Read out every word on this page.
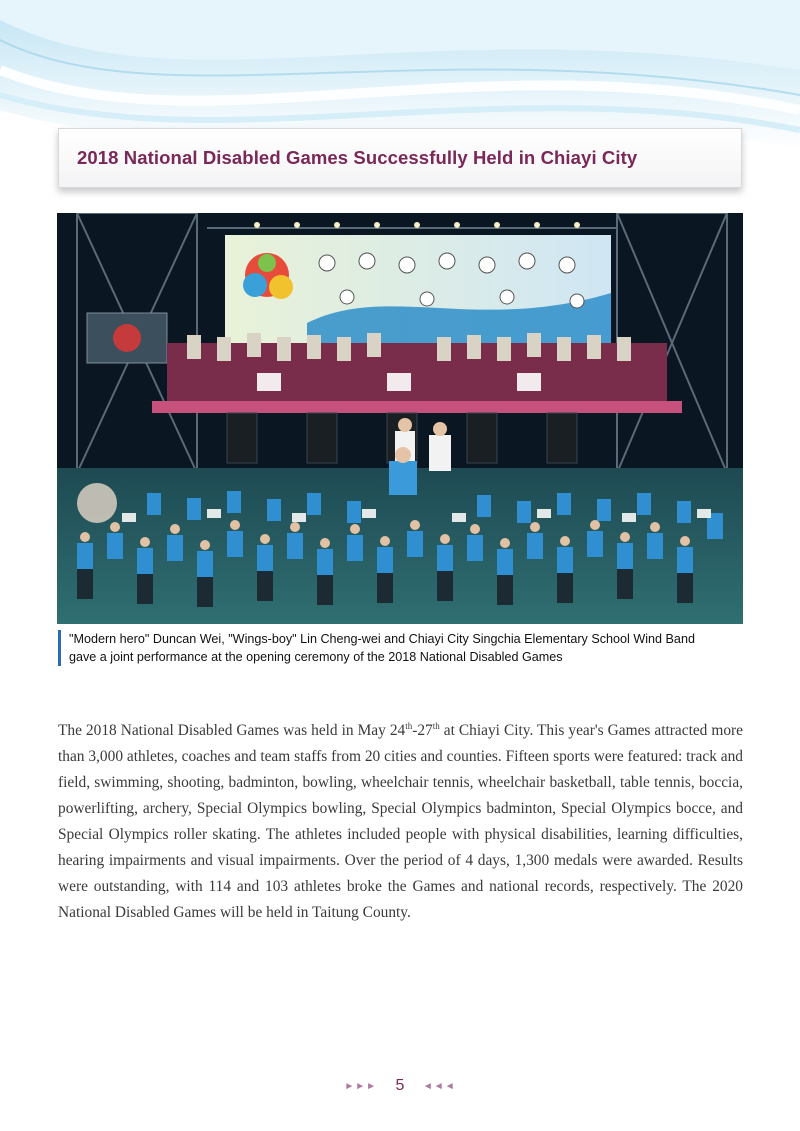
2018 National Disabled Games Successfully Held in Chiayi City
"Modern hero" Duncan Wei, "Wings-boy" Lin Cheng-wei and Chiayi City Singchia Elementary School Wind Band
gave a joint performance at the opening ceremony of the 2018 National Disabled Games
The 2018 National Disabled Games was held in May 24th-27th at Chiayi City. This year's Games attracted more than 3,000 athletes, coaches and team staffs from 20 cities and counties. Fifteen sports were featured: track and field, swimming, shooting, badminton, bowling, wheelchair tennis, wheelchair basketball, table tennis, boccia, powerlifting, archery, Special Olympics bowling, Special Olympics badminton, Special Olympics bocce, and Special Olympics roller skating. The athletes included people with physical disabilities, learning difficulties, hearing impairments and visual impairments. Over the period of 4 days, 1,300 medals were awarded. Results were outstanding, with 114 and 103 athletes broke the Games and national records, respectively. The 2020 National Disabled Games will be held in Taitung County.
►►► 5 ◄◄◄
